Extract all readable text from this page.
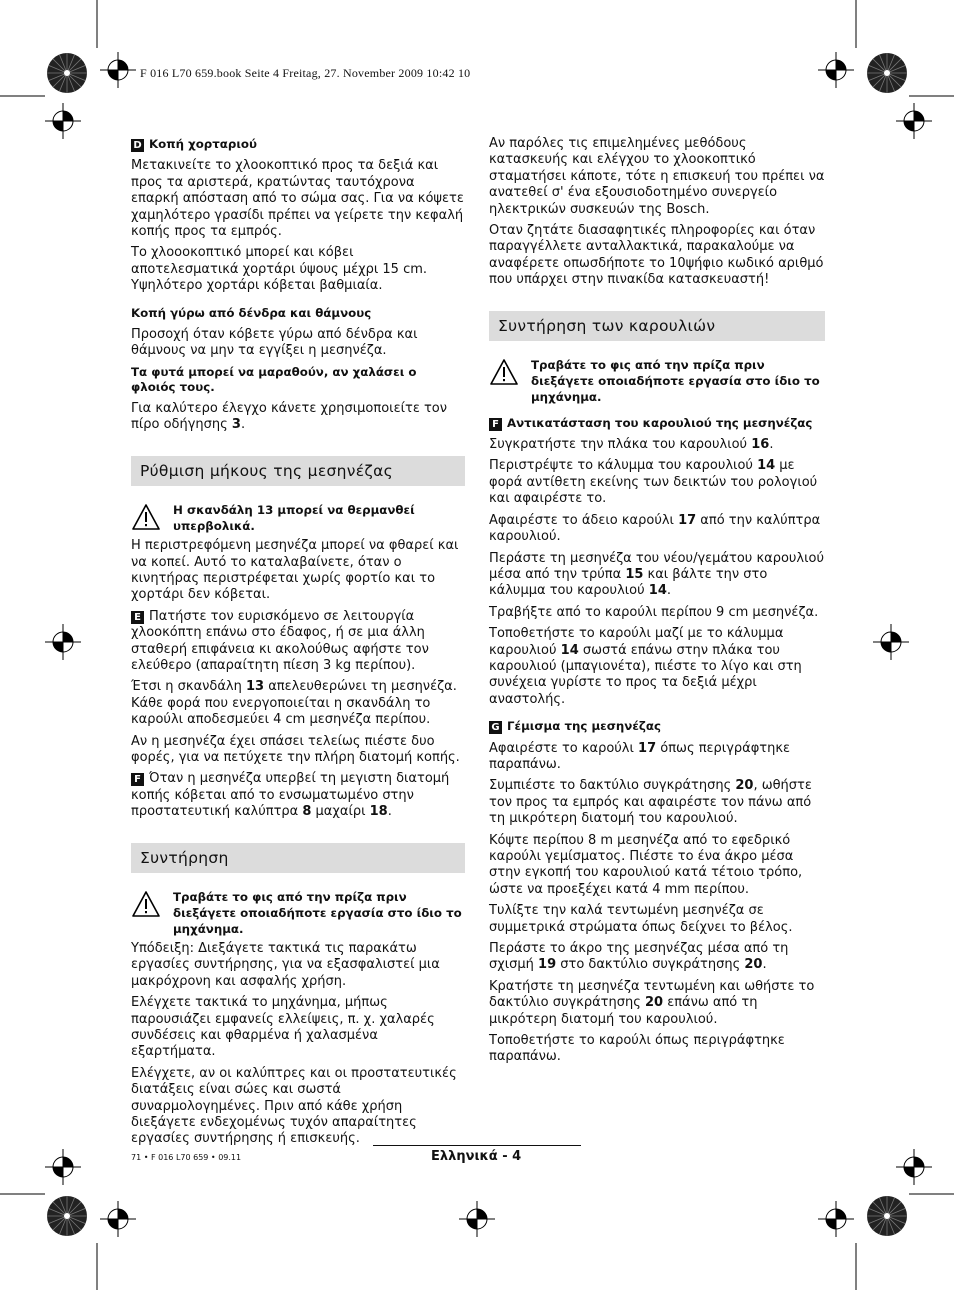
F 016 L70 659.book Seite 4 Freitag, 27. November 2009 10:42 10
D Κοπή χορταριού

Μετακινείτε το χλοοκοπτικό προς τα δεξιά και προς τα αριστερά, κρατώντας ταυτόχρονα επαρκή απόσταση από το σώμα σας. Για να κόψετε χαμηλότερο γρασίδι πρέπει να γείρετε την κεφαλή κοπής προς τα εμπρός.

Το χλοοοκοπτικό μπορεί και κόβει αποτελεσματικά χορτάρι ύψους μέχρι 15 cm. Υψηλότερο χορτάρι κόβεται βαθμιαία.

Κοπή γύρω από δένδρα και θάμνους

Προσοχή όταν κόβετε γύρω από δένδρα και θάμνους να μην τα εγγίξει η μεσηνέζα.

Τα φυτά μπορεί να μαραθούν, αν χαλάσει ο φλοιός τους.

Για καλύτερο έλεγχο κάνετε χρησιμοποιείτε τον πίρο οδήγησης 3.

Ρύθμιση μήκους της μεσηνέζας
Η σκανδάλη 13 μπορεί να θερμανθεί υπερβολικά.

Η περιστρεφόμενη μεσηνέζα μπορεί να φθαρεί και να κοπεί. Αυτό το καταλαβαίνετε, όταν ο κινητήρας περιστρέφεται χωρίς φορτίο και το χορτάρι δεν κόβεται.

E Πατήστε τον ευρισκόμενο σε λειτουργία χλοοκόπτη επάνω στο έδαφος, ή σε μια άλλη σταθερή επιφάνεια κι ακολούθως αφήστε τον ελεύθερο (απαραίτητη πίεση 3 kg περίπου).

Έτσι η σκανδάλη 13 απελευθερώνει τη μεσηνέζα. Κάθε φορά που ενεργοποιείται η σκανδάλη το καρούλι αποδεσμεύει 4 cm μεσηνέζα περίπου.

Αν η μεσηνέζα έχει σπάσει τελείως πιέστε δυο φορές, για να πετύχετε την πλήρη διατομή κοπής.

F Όταν η μεσηνέζα υπερβεί τη μεγιστη διατομή κοπής κόβεται από το ενσωματωμένο στην προστατευτική καλύπτρα 8 μαχαίρι 18.

Συντήρηση
Τραβάτε το φις από την πρίζα πριν διεξάγετε οποιαδήποτε εργασία στο ίδιο το μηχάνημα.

Υπόδειξη: Διεξάγετε τακτικά τις παρακάτω εργασίες συντήρησης, για να εξασφαλιστεί μια μακρόχρονη και ασφαλής χρήση.

Ελέγχετε τακτικά το μηχάνημα, μήπως παρουσιάζει εμφανείς ελλείψεις, π. χ. χαλαρές συνδέσεις και φθαρμένα ή χαλασμένα εξαρτήματα.

Ελέγχετε, αν οι καλύπτρες και οι προστατευτικές διατάξεις είναι σώες και σωστά συναρμολογημένες. Πριν από κάθε χρήση διεξάγετε ενδεχομένως τυχόν απαραίτητες εργασίες συντήρησης ή επισκευής.

Αν παρόλες τις επιμελημένες μεθόδους κατασκευής και ελέγχου το χλοοκοπτικό σταματήσει κάποτε, τότε η επισκευή του πρέπει να ανατεθεί σ' ένα εξουσιοδοτημένο συνεργείο ηλεκτρικών συσκευών της Bosch.

Οταν ζητάτε διασαφητικές πληροφορίες και όταν παραγγέλλετε ανταλλακτικά, παρακαλούμε να αναφέρετε οπωσδήποτε το 10ψήφιο κωδικό αριθμό που υπάρχει στην πινακίδα κατασκευαστή!

Συντήρηση των καρουλιών
Τραβάτε το φις από την πρίζα πριν διεξάγετε οποιαδήποτε εργασία στο ίδιο το μηχάνημα.
F Αντικατάσταση του καρουλιού της μεσηνέζας

Συγκρατήστε την πλάκα του καρουλιού 16.

Περιστρέψτε το κάλυμμα του καρουλιού 14 με φορά αντίθετη εκείνης των δεικτών του ρολογιού και αφαιρέστε το.

Αφαιρέστε το άδειο καρούλι 17 από την καλύπτρα καρουλιού.

Περάστε τη μεσηνέζα του νέου/γεμάτου καρουλιού μέσα από την τρύπα 15 και βάλτε την στο κάλυμμα του καρουλιού 14.

Τραβήξτε από το καρούλι περίπου 9 cm μεσηνέζα.

Τοποθετήστε το καρούλι μαζί με το κάλυμμα καρουλιού 14 σωστά επάνω στην πλάκα του καρουλιού (μπαγιονέτα), πιέστε το λίγο και στη συνέχεια γυρίστε το προς τα δεξιά μέχρι αναστολής.

G Γέμισμα της μεσηνέζας

Αφαιρέστε το καρούλι 17 όπως περιγράφτηκε παραπάνω.

Συμπιέστε το δακτύλιο συγκράτησης 20, ωθήστε τον προς τα εμπρός και αφαιρέστε τον πάνω από τη μικρότερη διατομή του καρουλιού.

Κόψτε περίπου 8 m μεσηνέζα από το εφεδρικό καρούλι γεμίσματος. Πιέστε το ένα άκρο μέσα στην εγκοπή του καρουλιού κατά τέτοιο τρόπο, ώστε να προεξέχει κατά 4 mm περίπου.

Τυλίξτε την καλά τεντωμένη μεσηνέζα σε συμμετρικά στρώματα όπως δείχνει το βέλος.

Περάστε το άκρο της μεσηνέζας μέσα από τη σχισμή 19 στο δακτύλιο συγκράτησης 20.

Κρατήστε τη μεσηνέζα τεντωμένη και ωθήστε το δακτύλιο συγκράτησης 20 επάνω από τη μικρότερη διατομή του καρουλιού.

Τοποθετήστε το καρούλι όπως περιγράφτηκε παραπάνω.

71 • F 016 L70 659 • 09.11	Ελληνικά - 4
